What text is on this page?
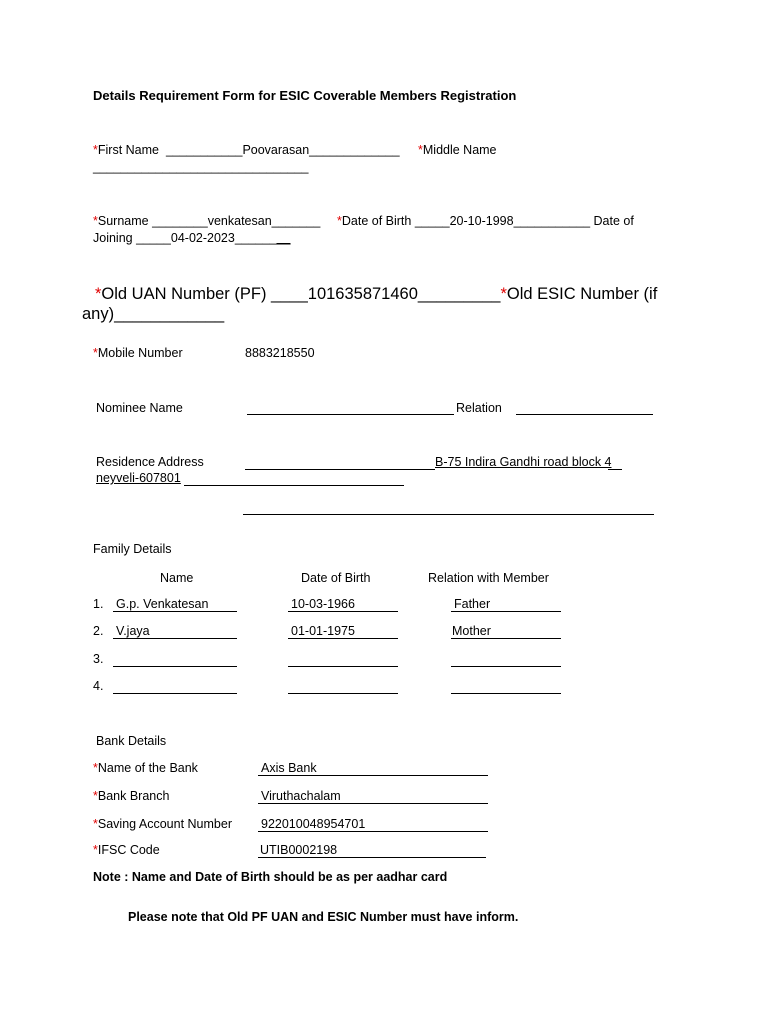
Details Requirement Form for ESIC Coverable Members Registration
*First Name ___________Poovarasan_____________ *Middle Name
_______________________________
*Surname ________venkatesan_______ *Date of Birth _____20-10-1998___________ Date of
Joining _____04-02-2023________
*Old UAN Number (PF) ____101635871460_________*Old ESIC Number (if
any)____________
*Mobile Number	8883218550
Nominee Name	Relation
Residence Address	B-75 Indira Gandhi road block 4
neyveli-607801
Family Details
Name	Date of Birth	Relation with Member
1. G.p. Venkatesan	10-03-1966	Father
2. V.jaya	01-01-1975	Mother
3.
4.
Bank Details
*Name of the Bank	Axis Bank
*Bank Branch	Viruthachalam
*Saving Account Number 922010048954701
*IFSC Code	UTIB0002198
Note : Name and Date of Birth should be as per aadhar card
Please note that Old PF UAN and ESIC Number must have inform.
